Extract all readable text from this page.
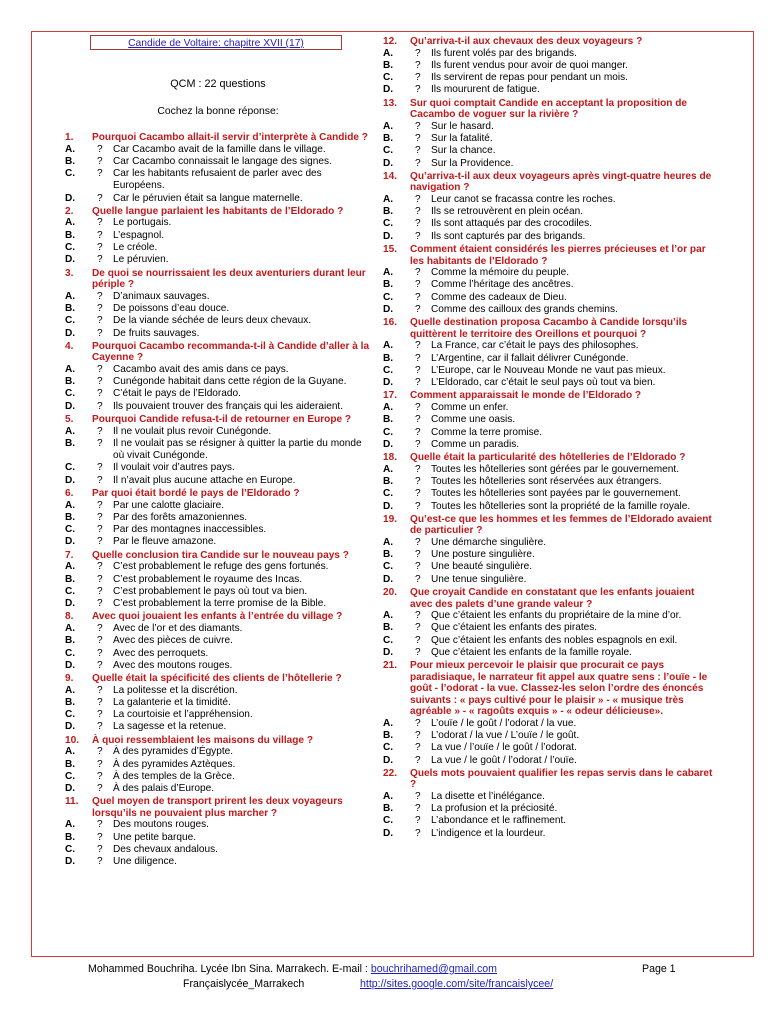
Candide de Voltaire: chapitre XVII (17)
QCM : 22 questions
Cochez la bonne réponse:
1. Pourquoi Cacambo allait-il servir d’interprète à Candide ?
A. ? Car Cacambo avait de la famille dans le village.
B. ? Car Cacambo connaissait le langage des signes.
C. ? Car les habitants refusaient de parler avec des Européens.
D. ? Car le péruvien était sa langue maternelle.
2. Quelle langue parlaient les habitants de l’Eldorado ?
A. ? Le portugais.
B. ? L’espagnol.
C. ? Le créole.
D. ? Le péruvien.
3. De quoi se nourrissaient les deux aventuriers durant leur périple ?
A. ? D’animaux sauvages.
B. ? De poissons d’eau douce.
C. ? De la viande séchée de leurs deux chevaux.
D. ? De fruits sauvages.
4. Pourquoi Cacambo recommanda-t-il à Candide d’aller à la Cayenne ?
A. ? Cacambo avait des amis dans ce pays.
B. ? Cunégonde habitait dans cette région de la Guyane.
C. ? C’était le pays de l’Eldorado.
D. ? Ils pouvaient trouver des français qui les aideraient.
5. Pourquoi Candide refusa-t-il de retourner en Europe ?
A. ? Il ne voulait plus revoir Cunégonde.
B. ? Il ne voulait pas se résigner à quitter la partie du monde où vivait Cunégonde.
C. ? Il voulait voir d’autres pays.
D. ? Il n’avait plus aucune attache en Europe.
6. Par quoi était bordé le pays de l’Eldorado ?
A. ? Par une calotte glaciaire.
B. ? Par des forêts amazoniennes.
C. ? Par des montagnes inaccessibles.
D. ? Par le fleuve amazone.
7. Quelle conclusion tira Candide sur le nouveau pays ?
A. ? C’est probablement le refuge des gens fortunés.
B. ? C’est probablement le royaume des Incas.
C. ? C’est probablement le pays où tout va bien.
D. ? C’est probablement la terre promise de la Bible.
8. Avec quoi jouaient les enfants à l’entrée du village ?
A. ? Avec de l’or et des diamants.
B. ? Avec des pièces de cuivre.
C. ? Avec des perroquets.
D. ? Avec des moutons rouges.
9. Quelle était la spécificité des clients de l’hôtellerie ?
A. ? La politesse et la discrétion.
B. ? La galanterie et la timidité.
C. ? La courtoisie et l’appréhension.
D. ? La sagesse et la retenue.
10. À quoi ressemblaient les maisons du village ?
A. ? À des pyramides d’Égypte.
B. ? À des pyramides Aztèques.
C. ? À des temples de la Grèce.
D. ? À des palais d’Europe.
11. Quel moyen de transport prirent les deux voyageurs lorsqu’ils ne pouvaient plus marcher ?
A. ? Des moutons rouges.
B. ? Une petite barque.
C. ? Des chevaux andalous.
D. ? Une diligence.
12. Qu’arriva-t-il aux chevaux des deux voyageurs ?
A. ? Ils furent volés par des brigands.
B. ? Ils furent vendus pour avoir de quoi manger.
C. ? Ils servirent de repas pour pendant un mois.
D. ? Ils moururent de fatigue.
13. Sur quoi comptait Candide en acceptant la proposition de Cacambo de voguer sur la rivière ?
A. ? Sur le hasard.
B. ? Sur la fatalité.
C. ? Sur la chance.
D. ? Sur la Providence.
14. Qu’arriva-t-il aux deux voyageurs après vingt-quatre heures de navigation ?
A. ? Leur canot se fracassa contre les roches.
B. ? Ils se retrouvèrent en plein océan.
C. ? Ils sont attaqués par des crocodiles.
D. ? Ils sont capturés par des brigands.
15. Comment étaient considérés les pierres précieuses et l’or par les habitants de l’Eldorado ?
A. ? Comme la mémoire du peuple.
B. ? Comme l’héritage des ancêtres.
C. ? Comme des cadeaux de Dieu.
D. ? Comme des cailloux des grands chemins.
16. Quelle destination proposa Cacambo à Candide lorsqu’ils quittèrent le territoire des Oreillons et pourquoi ?
A. ? La France, car c’était le pays des philosophes.
B. ? L’Argentine, car il fallait délivrer Cunégonde.
C. ? L’Europe, car le Nouveau Monde ne vaut pas mieux.
D. ? L’Eldorado, car c’était le seul pays où tout va bien.
17. Comment apparaissait le monde de l’Eldorado ?
A. ? Comme un enfer.
B. ? Comme une oasis.
C. ? Comme la terre promise.
D. ? Comme un paradis.
18. Quelle était la particularité des hôtelleries de l’Eldorado ?
A. ? Toutes les hôtelleries sont gérées par le gouvernement.
B. ? Toutes les hôtelleries sont réservées aux étrangers.
C. ? Toutes les hôtelleries sont payées par le gouvernement.
D. ? Toutes les hôtelleries sont la propriété de la famille royale.
19. Qu’est-ce que les hommes et les femmes de l’Eldorado avaient de particulier ?
A. ? Une démarche singulière.
B. ? Une posture singulière.
C. ? Une beauté singulière.
D. ? Une tenue singulière.
20. Que croyait Candide en constatant que les enfants jouaient avec des palets d’une grande valeur ?
A. ? Que c’étaient les enfants du propriétaire de la mine d’or.
B. ? Que c’étaient les enfants des pirates.
C. ? Que c’étaient les enfants des nobles espagnols en exil.
D. ? Que c’étaient les enfants de la famille royale.
21. Pour mieux percevoir le plaisir que procurait ce pays paradisiaque, le narrateur fit appel aux quatre sens : l’ouïe - le goût - l’odorat - la vue. Classez-les selon l’ordre des énoncés suivants : « pays cultivé pour le plaisir » - « musique très agréable » - « ragoûts exquis » - « odeur délicieuse».
A. ? L’ouïe / le goût / l’odorat / la vue.
B. ? L’odorat / la vue / L’ouïe / le goût.
C. ? La vue / l’ouïe / le goût / l’odorat.
D. ? La vue / le goût / l’odorat / l’ouïe.
22. Quels mots pouvaient qualifier les repas servis dans le cabaret ?
A. ? La disette et l’inélégance.
B. ? La profusion et la préciosité.
C. ? L’abondance et le raffinement.
D. ? L’indigence et la lourdeur.
Mohammed Bouchriha. Lycée Ibn Sina. Marrakech. E-mail : bouchrihamed@gmail.com	Page 1
Françaislycée_Marrakech	http://sites.google.com/site/francaislycee/
